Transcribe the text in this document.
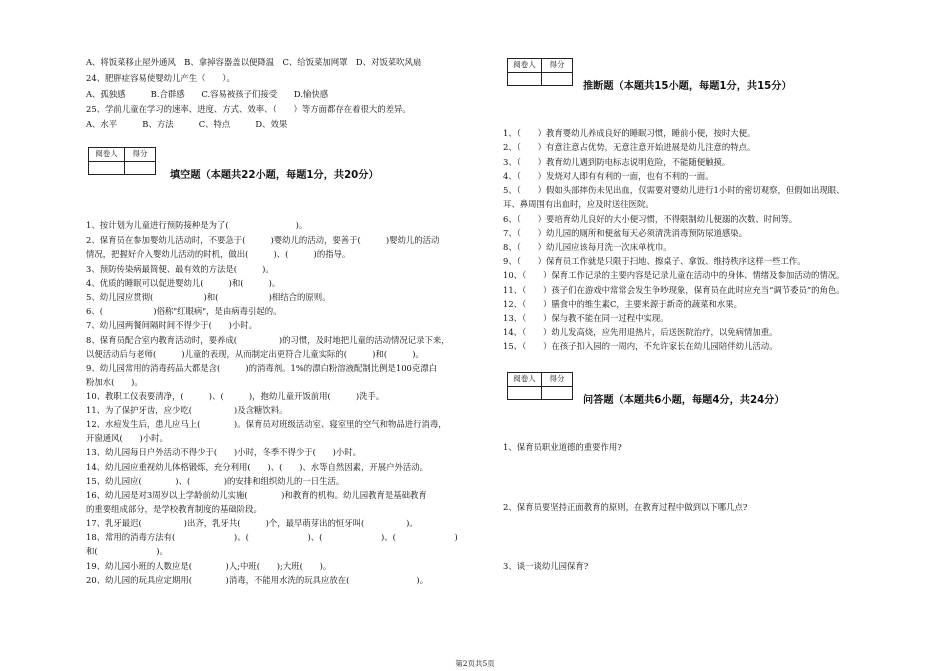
A、将饭菜移止屋外通风　B、拿掉容器盖以便降温　C、给饭菜加网罩　D、对饭菜吹风扇
24、肥胖症容易使婴幼儿产生（　　）。
A、孤独感　　　B.合群感　　C.容易被孩子们接受　　D.愉快感
25、学前儿童在学习的速率、进度、方式、效率、（　　）等方面都存在着很大的差异。
A、水平　　　B、方法　　　C、特点　　　D、效果
阅卷人	得分
填空题（本题共22小题，每题1分，共20分）
1、按计划为儿童进行预防接种是为了(　　　　　　　　)。
2、保育员在参加婴幼儿活动时，不要急于(　　　)婴幼儿的活动，要善于(　　　)婴幼儿的活动
情况，把握好介入婴幼儿活动的时机，做出(　　　)、(　　　)的指导。
3、预防传染病最简便、最有效的方法是(　　　)。
4、优质的睡眠可以促进婴幼儿(　　　)和(　　　)。
5、幼儿园应贯彻(　　　　　　)和(　　　　　　)相结合的原则。
6、(　　　　　　)俗称"红眼病"，是由病毒引起的。
7、幼儿园两餐间隔时间不得少于(　　)小时。
8、保育员配合室内教育活动时，要养成(　　　　　)的习惯，及时地把儿童的活动情况记录下来，
以便活动后与老师(　　　)儿童的表现，从而制定出更符合儿童实际的(　　　)和(　　　)。
9、幼儿园常用的消毒药品大都是含(　　　)的消毒剂。1%的漂白粉溶液配制比例是100克漂白
粉加水(　　)。
10、教职工仪表要清净，(　　　)、(　　　)，抱幼儿童开饭前用(　　　)洗手。
11、为了保护牙齿，应少吃(　　　　　)及含糖饮料。
12、水痘发生后，患儿应马上(　　　　)。保育员对班级活动室、寝室里的空气和物品进行消毒，
开窗通风(　　)小时。
13、幼儿园每日户外活动不得少于(　　)小时，冬季不得少于(　　)小时。
14、幼儿园应重视幼儿体格锻炼，充分利用(　　)、(　　)、水等自然因素，开展户外活动。
15、幼儿园应(　　　　)、(　　　　)的安排和组织幼儿的一日生活。
16、幼儿园是对3周岁以上学龄前幼儿实施(　　　　)和教育的机构。幼儿园教育是基础教育
的重要组成部分，是学校教育制度的基础阶段。
17、乳牙最迟(　　　　　)出齐，乳牙共(　　　)个，最早萌芽出的恒牙叫(　　　　　)。
18、常用的消毒方法有(　　　　　　　)、(　　　　　　　)、(　　　　　　　)、(　　　　　　　)
和(　　　　　　　)。
19、幼儿园小班的人数应是(　　　　)人;中班(　　);大班(　　)。
20、幼儿园的玩具应定期用(　　　　)消毒，不能用水洗的玩具应放在(　　　　　　　　)。
阅卷人	得分
推断题（本题共15小题，每题1分，共15分）
1、（　　）教育婴幼儿养成良好的睡眠习惯，睡前小便，按时大便。
2、（　　）有意注意占优势，无意注意开始进展是幼儿注意的特点。
3、（　　）教育幼儿遇到防电标志说明危险，不能随便触摸。
4、（　　）发烧对人即有有利的一面，也有不利的一面。
5、（　　）假如头部摔伤未见出血，仅需要对婴幼儿进行1小时的密切观察，但假如出现眼、
耳、鼻周围有出血时，应及时送往医院。
6、（　　）要培育幼儿良好的大小便习惯，不得限制幼儿便溺的次数、时间等。
7、（　　）幼儿园的厕所和便盆每天必须清洗消毒预防尿道感染。
8、（　　）幼儿园应该每月洗一次床单枕巾。
9、（　　）保育员工作就是只限于扫地、擦桌子、拿饭、维持秩序这样一些工作。
10、（　　）保育工作记录的主要内容是记录儿童在活动中的身体、情绪及参加活动的情况。
11、（　　）孩子们在游戏中常常会发生争吵现象，保育员在此时应充当“调节委员”的角色。
12、（　　）膳食中的维生素C，主要来源于新奇的蔬菜和水果。
13、（　　）保与教不能在同一过程中实现。
14、（　　）幼儿发高烧，应先用退热片，后送医院治疗，以免病情加重。
15、（　　）在孩子扣入园的一周内，不允许家长在幼儿园陪伴幼儿活动。
阅卷人	得分
问答题（本题共6小题，每题4分，共24分）
1、保育员职业道德的重要作用?
2、保育员要坚持正面教育的原则，在教育过程中做到以下哪几点?
3、谈一谈幼儿园保育?
第2页共5页
